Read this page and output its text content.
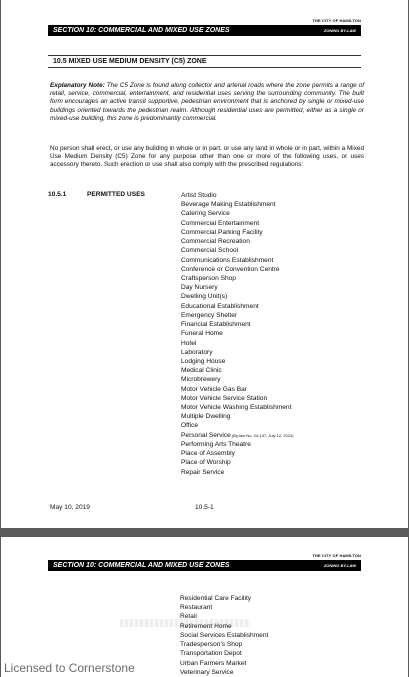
THE CITY OF HAMILTON
SECTION 10: COMMERCIAL AND MIXED USE ZONES	ZONING BY-LAW
10.5 MIXED USE MEDIUM DENSITY (C5) ZONE
Explanatory Note: The C5 Zone is found along collector and arterial roads where the zone permits a range of retail, service, commercial, entertainment, and residential uses serving the surrounding community. The built form encourages an active transit supportive, pedestrian environment that is anchored by single or mixed-use buildings oriented towards the pedestrian realm. Although residential uses are permitted, either as a single or mixed-use building, this zone is predominantly commercial.
No person shall erect, or use any building in whole or in part, or use any land in whole or in part, within a Mixed Use Medium Density (C5) Zone for any purpose other than one or more of the following uses, or uses accessory thereto. Such erection or use shall also comply with the prescribed regulations:
10.5.1	PERMITTED USES	Artist Studio
Beverage Making Establishment
Catering Service
Commercial Entertainment
Commercial Parking Facility
Commercial Recreation
Commercial School
Communications Establishment
Conference or Convention Centre
Craftsperson Shop
Day Nursery
Dwelling Unit(s)
Educational Establishment
Emergency Shelter
Financial Establishment
Funeral Home
Hotel
Laboratory
Lodging House
Medical Clinic
Microbrewery
Motor Vehicle Gas Bar
Motor Vehicle Service Station
Motor Vehicle Washing Establishment
Multiple Dwelling
Office
Personal Service (By-law No. 24-137, July 12, 2024)
Performing Arts Theatre
Place of Assembly
Place of Worship
Repair Service
May 10, 2019	10.5-1
THE CITY OF HAMILTON
SECTION 10: COMMERCIAL AND MIXED USE ZONES	ZONING BY-LAW
Residential Care Facility
Restaurant
Retail
Retirement Home
Social Services Establishment
Tradesperson's Shop
Transportation Depot
Urban Farmers Market
Veterinary Service
Licensed to Cornerstone
